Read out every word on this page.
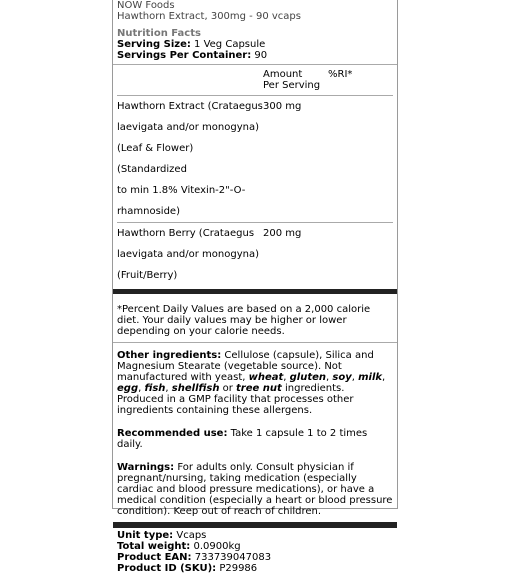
NOW Foods
Hawthorn Extract, 300mg - 90 vcaps
Nutrition Facts
Serving Size: 1 Veg Capsule
Servings Per Container: 90

	Amount
Per Serving	%RI*

Hawthorn Extract (Crataegus
laevigata and/or monogyna)
(Leaf & Flower) (Standardized
to min 1.8% Vitexin-2"-O-
rhamnoside)	300 mg	

Hawthorn Berry (Crataegus
laevigata and/or monogyna)
(Fruit/Berry)	200 mg	
*Percent Daily Values are based on a 2,000 calorie diet. Your daily values may be higher or lower depending on your calorie needs.
Other ingredients: Cellulose (capsule), Silica and Magnesium Stearate (vegetable source). Not manufactured with yeast, wheat, gluten, soy, milk, egg, fish, shellfish or tree nut ingredients. Produced in a GMP facility that processes other ingredients containing these allergens.
Recommended use: Take 1 capsule 1 to 2 times daily.
Warnings: For adults only. Consult physician if pregnant/nursing, taking medication (especially cardiac and blood pressure medications), or have a medical condition (especially a heart or blood pressure condition). Keep out of reach of children.
Unit type: Vcaps
Total weight: 0.0900kg
Product EAN: 733739047083
Product ID (SKU): P29986
